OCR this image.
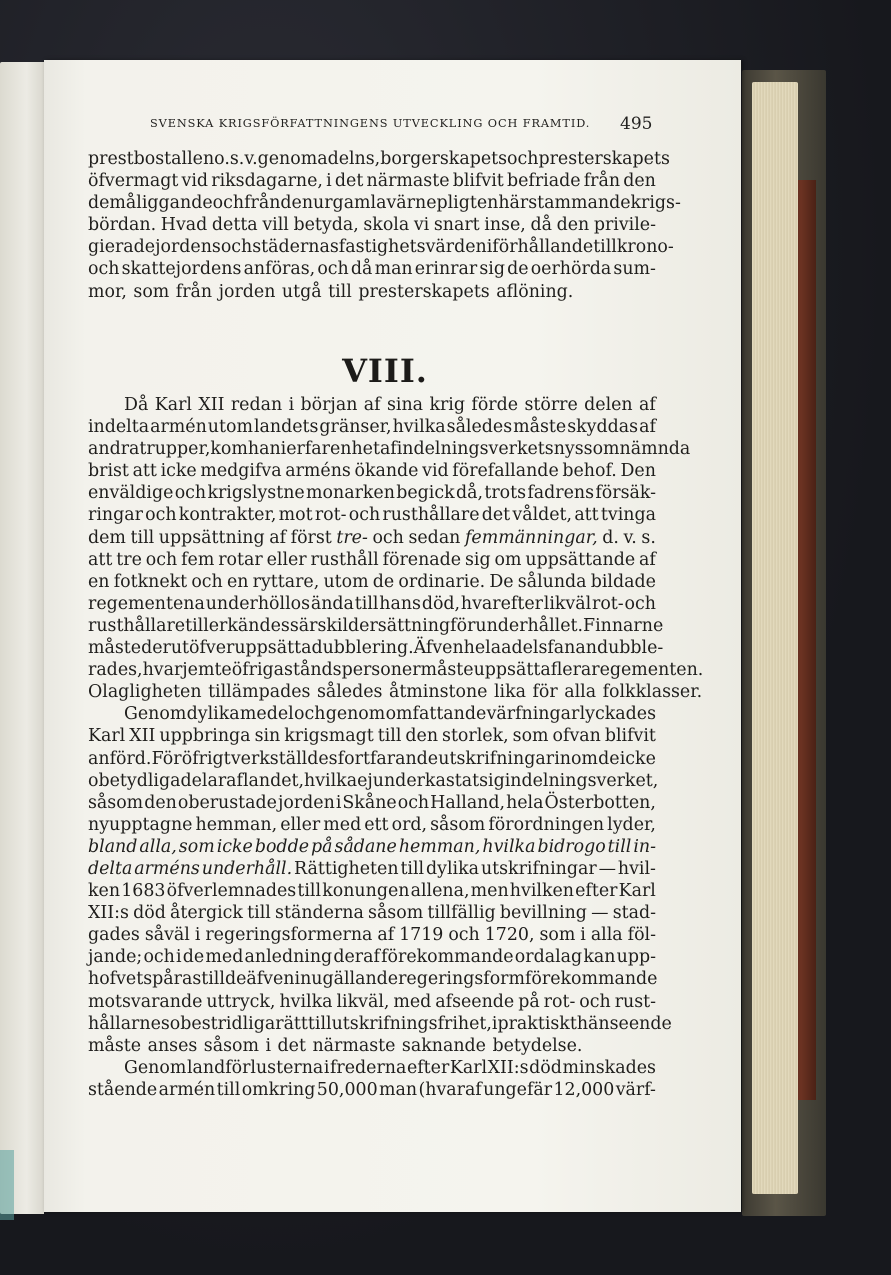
SVENSKA KRIGSFÖRFATTNINGENS UTVECKLING OCH FRAMTID. 495
prestbostallen o. s. v. genom adelns, borgerskapets och presterskapets
öfvermagt vid riksdagarne, i det närmaste blifvit befriade från den
dem åliggande och från den urgamla värnepligten härstammande krigs-
bördan. Hvad detta vill betyda, skola vi snart inse, då den privile-
gierade jordens och städernas fastighetsvärden i förhållande till krono-
och skattejordens anföras, och då man erinrar sig de oerhörda sum-
mor, som från jorden utgå till presterskapets aflöning.
VIII.
Då Karl XII redan i början af sina krig förde större delen af
indelta armén utom landets gränser, hvilka således måste skyddas af
andra trupper, kom han i erfarenhet af indelningsverkets nyssomnämnda
brist att icke medgifva arméns ökande vid förefallande behof. Den
enväldige och krigslystne monarken begick då, trots fadrens försäk-
ringar och kontrakter, mot rot- och rusthållare det våldet, att tvinga
dem till uppsättning af först tre- och sedan femmänningar, d. v. s.
att tre och fem rotar eller rusthåll förenade sig om uppsättande af
en fotknekt och en ryttare, utom de ordinarie. De sålunda bildade
regementena underhöllos ända till hans död, hvarefter likväl rot- och
rusthållare tillerkändes särskild ersättning för underhållet. Finnarne
måste derutöfver uppsätta dubblering. Äfven hela adelsfanan dubble-
rades, hvarjemte öfriga ståndspersoner måste uppsätta flera regementen.
Olagligheten tillämpades således åtminstone lika för alla folkklasser.
Genom dylika medel och genom omfattande värfningar lyckades
Karl XII uppbringa sin krigsmagt till den storlek, som ofvan blifvit
anförd. För öfrigt verkställdes fortfarande utskrifningar inom de icke
obetydliga delar af landet, hvilka ej underkastat sig indelningsverket,
såsom den oberustade jorden i Skåne och Halland, hela Österbotten,
nyupptagne hemman, eller med ett ord, såsom förordningen lyder,
bland alla, som icke bodde på sådane hemman, hvilka bidrogo till in-
delta arméns underhåll. Rättigheten till dylika utskrifningar — hvil-
ken 1683 öfverlemnades till konungen allena, men hvilken efter Karl
XII:s död återgick till ständerna såsom tillfällig bevillning — stad-
gades såväl i regeringsformerna af 1719 och 1720, som i alla föl-
jande; och i de med anledning deraf förekommande ordalag kan upp-
hofvet spåras till de äfven i nu gällande regeringsform förekommande
motsvarande uttryck, hvilka likväl, med afseende på rot- och rust-
hållarnes obestridliga rätt till utskrifningsfrihet, i praktiskt hänseende
måste anses såsom i det närmaste saknande betydelse.
Genom landförlusterna i frederna efter Karl XII:s död minskades
stående armén till omkring 50,000 man (hvaraf ungefär 12,000 värf-
